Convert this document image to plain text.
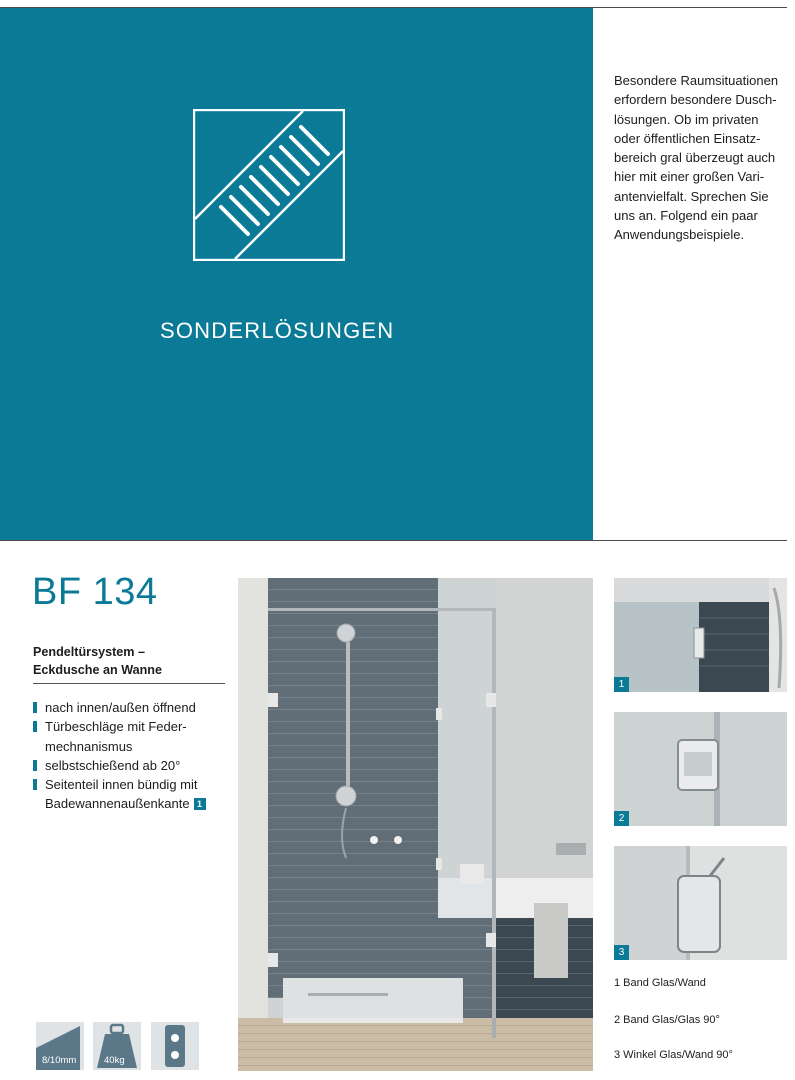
SONDERLÖSUNGEN
Besondere Raumsituationen
erfordern besondere Dusch-
lösungen. Ob im privaten
oder öffentlichen Einsatz-
bereich gral überzeugt auch
hier mit einer großen Vari-
antenvielfalt. Sprechen Sie
uns an. Folgend ein paar
Anwendungsbeispiele.
BF 134
Pendeltürsystem –
Eckdusche an Wanne
nach innen/außen öffnend
Türbeschläge mit Feder-
mechnanismus
selbstschießend ab 20°
Seitenteil innen bündig mit
Badewannenaußenkante 1
8/10mm	40kg
1
2
3
1 Band Glas/Wand
2 Band Glas/Glas 90°
3 Winkel Glas/Wand 90°
